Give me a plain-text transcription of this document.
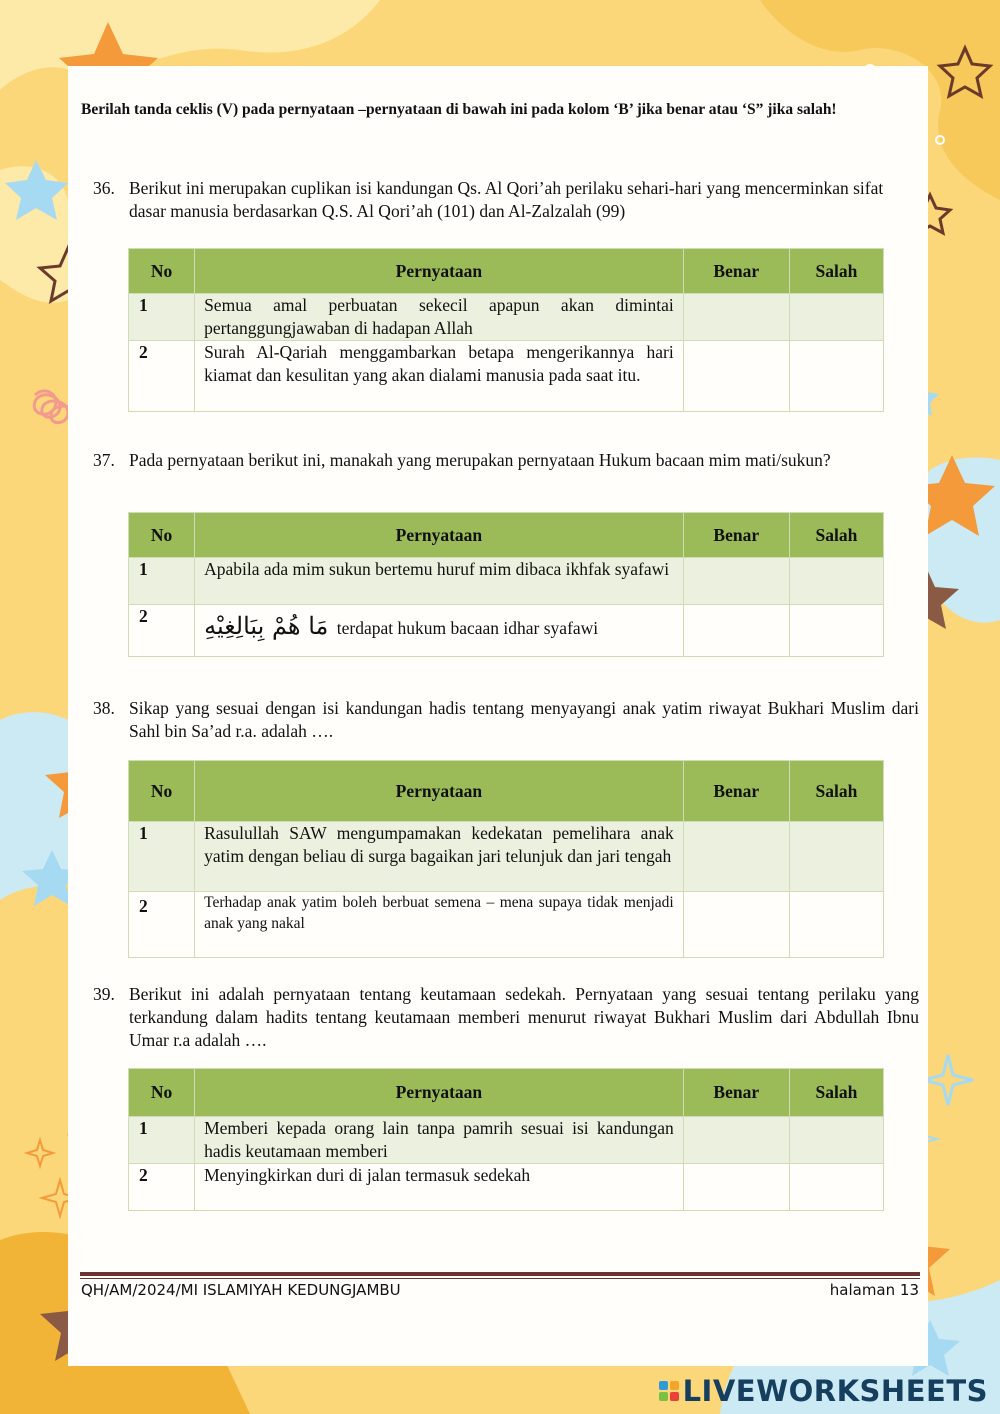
Berilah tanda ceklis (V) pada pernyataan –pernyataan di bawah ini pada kolom ‘B’ jika benar atau ‘S” jika salah!
36. Berikut ini merupakan cuplikan isi kandungan Qs. Al Qori’ah perilaku sehari-hari yang mencerminkan sifat dasar manusia berdasarkan Q.S. Al Qori’ah (101) dan Al-Zalzalah (99)
No	Pernyataan	Benar	Salah
1	Semua amal perbuatan sekecil apapun akan dimintai pertanggungjawaban di hadapan Allah		
2	Surah Al-Qariah menggambarkan betapa mengerikannya hari kiamat dan kesulitan yang akan dialami manusia pada saat itu.		
37. Pada pernyataan berikut ini, manakah yang merupakan pernyataan Hukum bacaan mim mati/sukun?
No	Pernyataan	Benar	Salah
1	Apabila ada mim sukun bertemu huruf mim dibaca ikhfak syafawi		
2	مَا هُمْ بِبَالِغِيْهِ terdapat hukum bacaan idhar syafawi		
38. Sikap yang sesuai dengan isi kandungan hadis tentang menyayangi anak yatim riwayat Bukhari Muslim dari Sahl bin Sa’ad r.a. adalah ….
No	Pernyataan	Benar	Salah
1	Rasulullah SAW mengumpamakan kedekatan pemelihara anak yatim dengan beliau di surga bagaikan jari telunjuk dan jari tengah		
2	Terhadap anak yatim boleh berbuat semena – mena supaya tidak menjadi anak yang nakal		

39. Berikut ini adalah pernyataan tentang keutamaan sedekah. Pernyataan yang sesuai tentang perilaku yang terkandung dalam hadits tentang keutamaan memberi menurut riwayat Bukhari Muslim dari Abdullah Ibnu Umar r.a adalah ….
No	Pernyataan	Benar	Salah
1	Memberi kepada orang lain tanpa pamrih sesuai isi kandungan hadis keutamaan memberi		
2	Menyingkirkan duri di jalan termasuk sedekah		
QH/AM/2024/MI ISLAMIYAH KEDUNGJAMBU	halaman 13
LIVEWORKSHEETS
